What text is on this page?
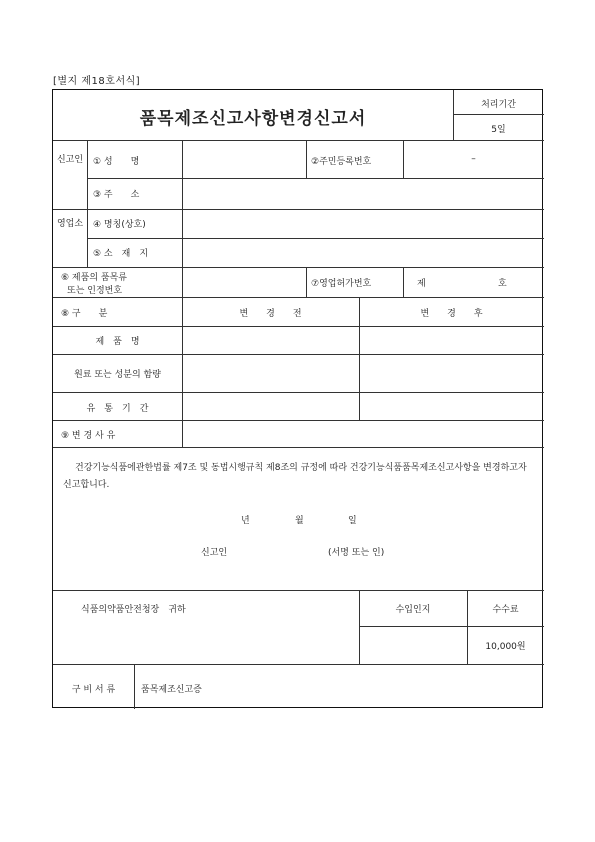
[별지 제18호서식]
품목제조신고사항변경신고서
처리기간
5일
신고인
영업소
① 성　　명	②주민등록번호	–
③ 주　　소
④ 명칭(상호)
⑤ 소　재　지
⑥ 제품의 품목류
또는 인정번호
⑦영업허가번호	제	호
⑧ 구　　분	변　　경　　전	변　　경　　후
제　품　명
원료 또는 성분의 함량
유　통　기　간
⑨ 변 경 사 유
건강기능식품에관한법률 제7조 및 동법시행규칙 제8조의 규정에 따라 건강기능식품품목제조신고사항을 변경하고자 신고합니다.
년	월	일
신고인	(서명 또는 인)
식품의약품안전청장　귀하	수입인지	수수료
10,000원
구 비 서 류	품목제조신고증
